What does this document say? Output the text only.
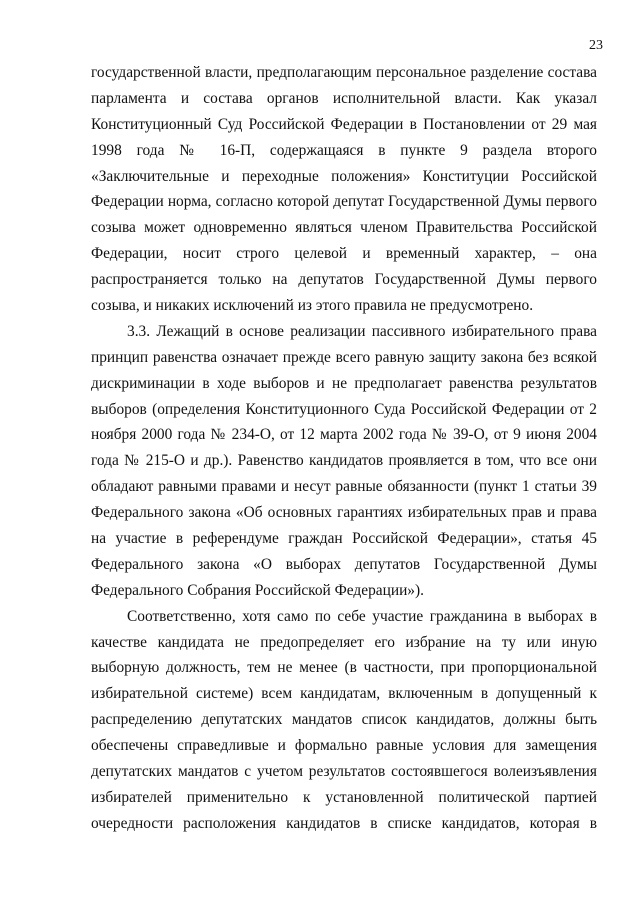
23
государственной власти, предполагающим персональное разделение состава
парламента и состава органов исполнительной власти. Как указал
Конституционный Суд Российской Федерации в Постановлении от 29 мая
1998 года № 16-П, содержащаяся в пункте 9 раздела второго
«Заключительные и переходные положения» Конституции Российской
Федерации норма, согласно которой депутат Государственной Думы первого
созыва может одновременно являться членом Правительства Российской
Федерации, носит строго целевой и временный характер, – она
распространяется только на депутатов Государственной Думы первого
созыва, и никаких исключений из этого правила не предусмотрено.
3.3. Лежащий в основе реализации пассивного избирательного права
принцип равенства означает прежде всего равную защиту закона без всякой
дискриминации в ходе выборов и не предполагает равенства результатов
выборов (определения Конституционного Суда Российской Федерации от 2
ноября 2000 года № 234-О, от 12 марта 2002 года № 39-О, от 9 июня 2004
года № 215-О и др.). Равенство кандидатов проявляется в том, что все они
обладают равными правами и несут равные обязанности (пункт 1 статьи 39
Федерального закона «Об основных гарантиях избирательных прав и права
на участие в референдуме граждан Российской Федерации», статья 45
Федерального закона «О выборах депутатов Государственной Думы
Федерального Собрания Российской Федерации»).
Соответственно, хотя само по себе участие гражданина в выборах в
качестве кандидата не предопределяет его избрание на ту или иную
выборную должность, тем не менее (в частности, при пропорциональной
избирательной системе) всем кандидатам, включенным в допущенный к
распределению депутатских мандатов список кандидатов, должны быть
обеспечены справедливые и формально равные условия для замещения
депутатских мандатов с учетом результатов состоявшегося волеизъявления
избирателей применительно к установленной политической партией
очередности расположения кандидатов в списке кандидатов, которая в
